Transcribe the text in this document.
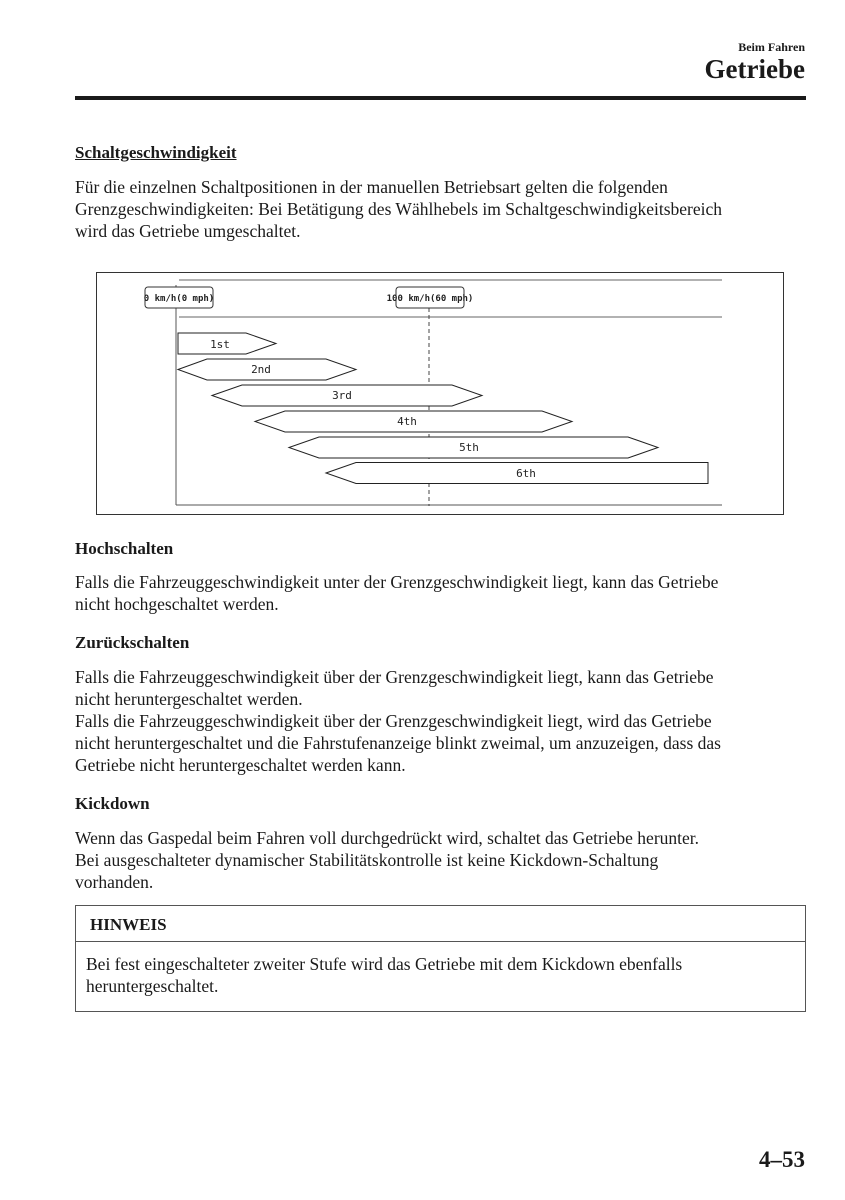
Beim Fahren
Getriebe
Schaltgeschwindigkeit
Für die einzelnen Schaltpositionen in der manuellen Betriebsart gelten die folgenden
Grenzgeschwindigkeiten: Bei Betätigung des Wählhebels im Schaltgeschwindigkeitsbereich
wird das Getriebe umgeschaltet.
0 km/h(0 mph)	100 km/h(60 mph)
1st
2nd
3rd
4th
5th
6th
Hochschalten
Falls die Fahrzeuggeschwindigkeit unter der Grenzgeschwindigkeit liegt, kann das Getriebe
nicht hochgeschaltet werden.
Zurückschalten
Falls die Fahrzeuggeschwindigkeit über der Grenzgeschwindigkeit liegt, kann das Getriebe
nicht heruntergeschaltet werden.
Falls die Fahrzeuggeschwindigkeit über der Grenzgeschwindigkeit liegt, wird das Getriebe
nicht heruntergeschaltet und die Fahrstufenanzeige blinkt zweimal, um anzuzeigen, dass das
Getriebe nicht heruntergeschaltet werden kann.
Kickdown
Wenn das Gaspedal beim Fahren voll durchgedrückt wird, schaltet das Getriebe herunter.
Bei ausgeschalteter dynamischer Stabilitätskontrolle ist keine Kickdown-Schaltung
vorhanden.
HINWEIS
Bei fest eingeschalteter zweiter Stufe wird das Getriebe mit dem Kickdown ebenfalls
heruntergeschaltet.
4–53
